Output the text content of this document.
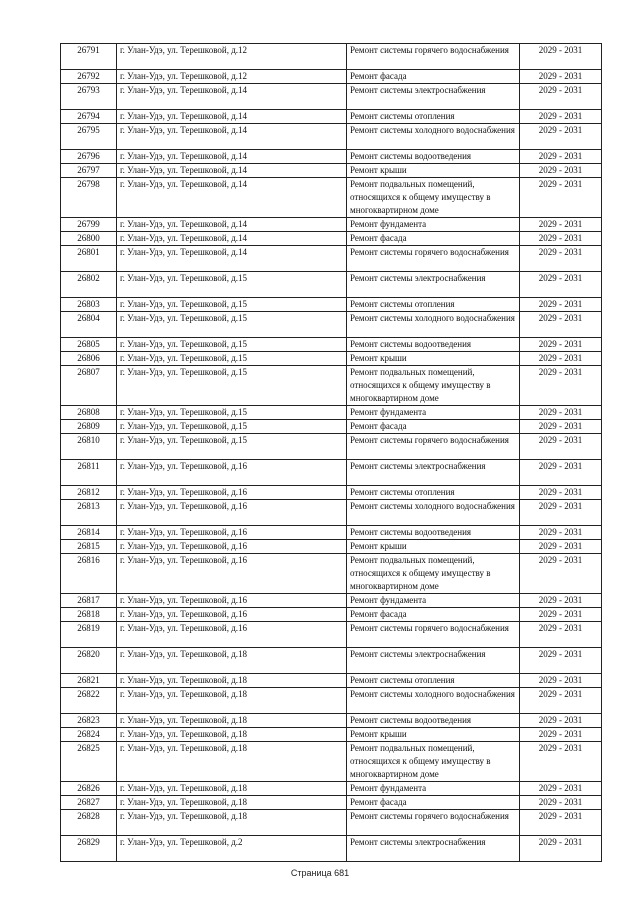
26791	г. Улан-Удэ, ул. Терешковой, д.12	Ремонт системы горячего водоснабжения	2029 - 2031
26792	г. Улан-Удэ, ул. Терешковой, д.12	Ремонт фасада	2029 - 2031
26793	г. Улан-Удэ, ул. Терешковой, д.14	Ремонт системы электроснабжения	2029 - 2031
26794	г. Улан-Удэ, ул. Терешковой, д.14	Ремонт системы отопления	2029 - 2031
26795	г. Улан-Удэ, ул. Терешковой, д.14	Ремонт системы холодного водоснабжения	2029 - 2031
26796	г. Улан-Удэ, ул. Терешковой, д.14	Ремонт системы водоотведения	2029 - 2031
26797	г. Улан-Удэ, ул. Терешковой, д.14	Ремонт крыши	2029 - 2031
26798	г. Улан-Удэ, ул. Терешковой, д.14	Ремонт подвальных помещений, относящихся к общему имуществу в многоквартирном доме	2029 - 2031
26799	г. Улан-Удэ, ул. Терешковой, д.14	Ремонт фундамента	2029 - 2031
26800	г. Улан-Удэ, ул. Терешковой, д.14	Ремонт фасада	2029 - 2031
26801	г. Улан-Удэ, ул. Терешковой, д.14	Ремонт системы горячего водоснабжения	2029 - 2031
26802	г. Улан-Удэ, ул. Терешковой, д.15	Ремонт системы электроснабжения	2029 - 2031
26803	г. Улан-Удэ, ул. Терешковой, д.15	Ремонт системы отопления	2029 - 2031
26804	г. Улан-Удэ, ул. Терешковой, д.15	Ремонт системы холодного водоснабжения	2029 - 2031
26805	г. Улан-Удэ, ул. Терешковой, д.15	Ремонт системы водоотведения	2029 - 2031
26806	г. Улан-Удэ, ул. Терешковой, д.15	Ремонт крыши	2029 - 2031
26807	г. Улан-Удэ, ул. Терешковой, д.15	Ремонт подвальных помещений, относящихся к общему имуществу в многоквартирном доме	2029 - 2031
26808	г. Улан-Удэ, ул. Терешковой, д.15	Ремонт фундамента	2029 - 2031
26809	г. Улан-Удэ, ул. Терешковой, д.15	Ремонт фасада	2029 - 2031
26810	г. Улан-Удэ, ул. Терешковой, д.15	Ремонт системы горячего водоснабжения	2029 - 2031
26811	г. Улан-Удэ, ул. Терешковой, д.16	Ремонт системы электроснабжения	2029 - 2031
26812	г. Улан-Удэ, ул. Терешковой, д.16	Ремонт системы отопления	2029 - 2031
26813	г. Улан-Удэ, ул. Терешковой, д.16	Ремонт системы холодного водоснабжения	2029 - 2031
26814	г. Улан-Удэ, ул. Терешковой, д.16	Ремонт системы водоотведения	2029 - 2031
26815	г. Улан-Удэ, ул. Терешковой, д.16	Ремонт крыши	2029 - 2031
26816	г. Улан-Удэ, ул. Терешковой, д.16	Ремонт подвальных помещений, относящихся к общему имуществу в многоквартирном доме	2029 - 2031
26817	г. Улан-Удэ, ул. Терешковой, д.16	Ремонт фундамента	2029 - 2031
26818	г. Улан-Удэ, ул. Терешковой, д.16	Ремонт фасада	2029 - 2031
26819	г. Улан-Удэ, ул. Терешковой, д.16	Ремонт системы горячего водоснабжения	2029 - 2031
26820	г. Улан-Удэ, ул. Терешковой, д.18	Ремонт системы электроснабжения	2029 - 2031
26821	г. Улан-Удэ, ул. Терешковой, д.18	Ремонт системы отопления	2029 - 2031
26822	г. Улан-Удэ, ул. Терешковой, д.18	Ремонт системы холодного водоснабжения	2029 - 2031
26823	г. Улан-Удэ, ул. Терешковой, д.18	Ремонт системы водоотведения	2029 - 2031
26824	г. Улан-Удэ, ул. Терешковой, д.18	Ремонт крыши	2029 - 2031
26825	г. Улан-Удэ, ул. Терешковой, д.18	Ремонт подвальных помещений, относящихся к общему имуществу в многоквартирном доме	2029 - 2031
26826	г. Улан-Удэ, ул. Терешковой, д.18	Ремонт фундамента	2029 - 2031
26827	г. Улан-Удэ, ул. Терешковой, д.18	Ремонт фасада	2029 - 2031
26828	г. Улан-Удэ, ул. Терешковой, д.18	Ремонт системы горячего водоснабжения	2029 - 2031
26829	г. Улан-Удэ, ул. Терешковой, д.2	Ремонт системы электроснабжения	2029 - 2031
Страница 681
